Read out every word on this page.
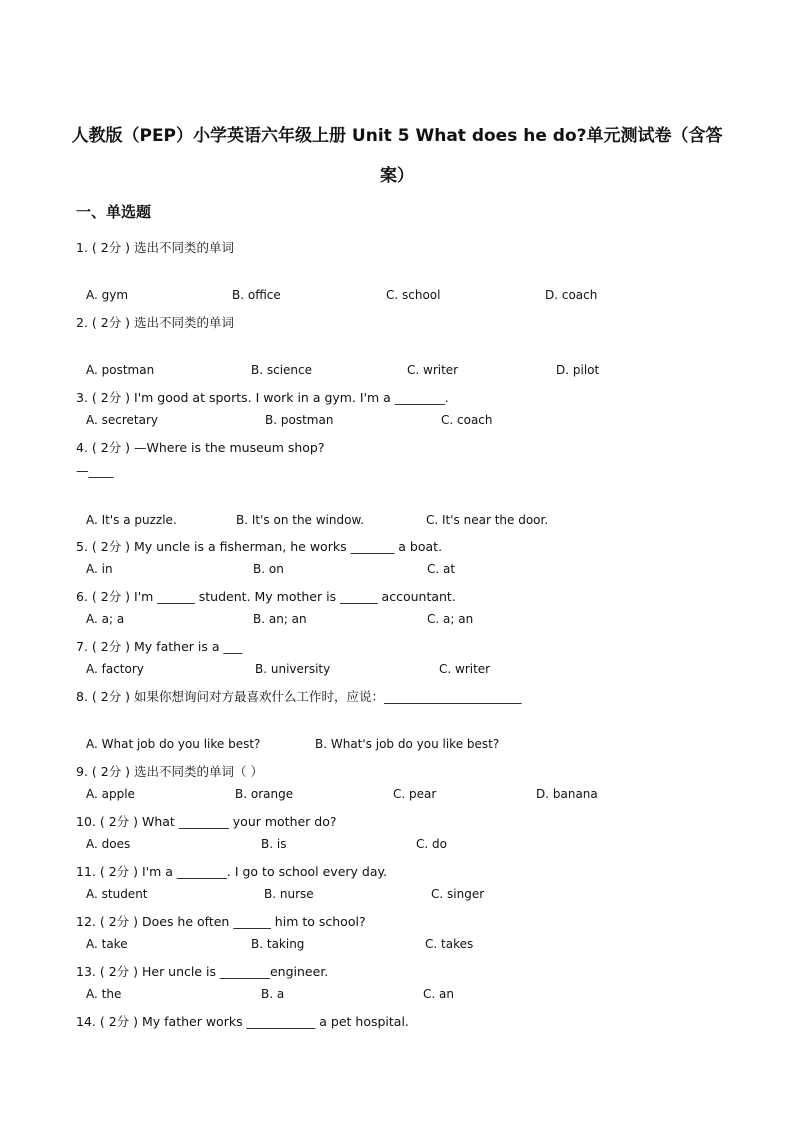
人教版（PEP）小学英语六年级上册 Unit 5 What does he do?单元测试卷（含答案）
一、单选题
1. ( 2分 ) 选出不同类的单词
A. gym	B. office	C. school	D. coach
2. ( 2分 ) 选出不同类的单词
A. postman	B. science	C. writer	D. pilot
3. ( 2分 ) I'm good at sports. I work in a gym. I'm a ________.
A. secretary	B. postman	C. coach
4. ( 2分 ) —Where is the museum shop?
—____
A. It's a puzzle.	B. It's on the window.	C. It's near the door.
5. ( 2分 ) My uncle is a fisherman, he works _______ a boat.
A. in	B. on	C. at
6. ( 2分 ) I'm ______ student. My mother is ______ accountant.
A. a; a	B. an; an	C. a; an
7. ( 2分 ) My father is a ___
A. factory	B. university	C. writer
8. ( 2分 ) 如果你想询问对方最喜欢什么工作时，应说：______________________
A. What job do you like best?	B. What's job do you like best?
9. ( 2分 ) 选出不同类的单词（ ）
A. apple	B. orange	C. pear	D. banana
10. ( 2分 ) What ________ your mother do?
A. does	B. is	C. do
11. ( 2分 ) I'm a ________. I go to school every day.
A. student	B. nurse	C. singer
12. ( 2分 ) Does he often ______ him to school?
A. take	B. taking	C. takes
13. ( 2分 ) Her uncle is ________engineer.
A. the	B. a	C. an
14. ( 2分 ) My father works ___________ a pet hospital.
